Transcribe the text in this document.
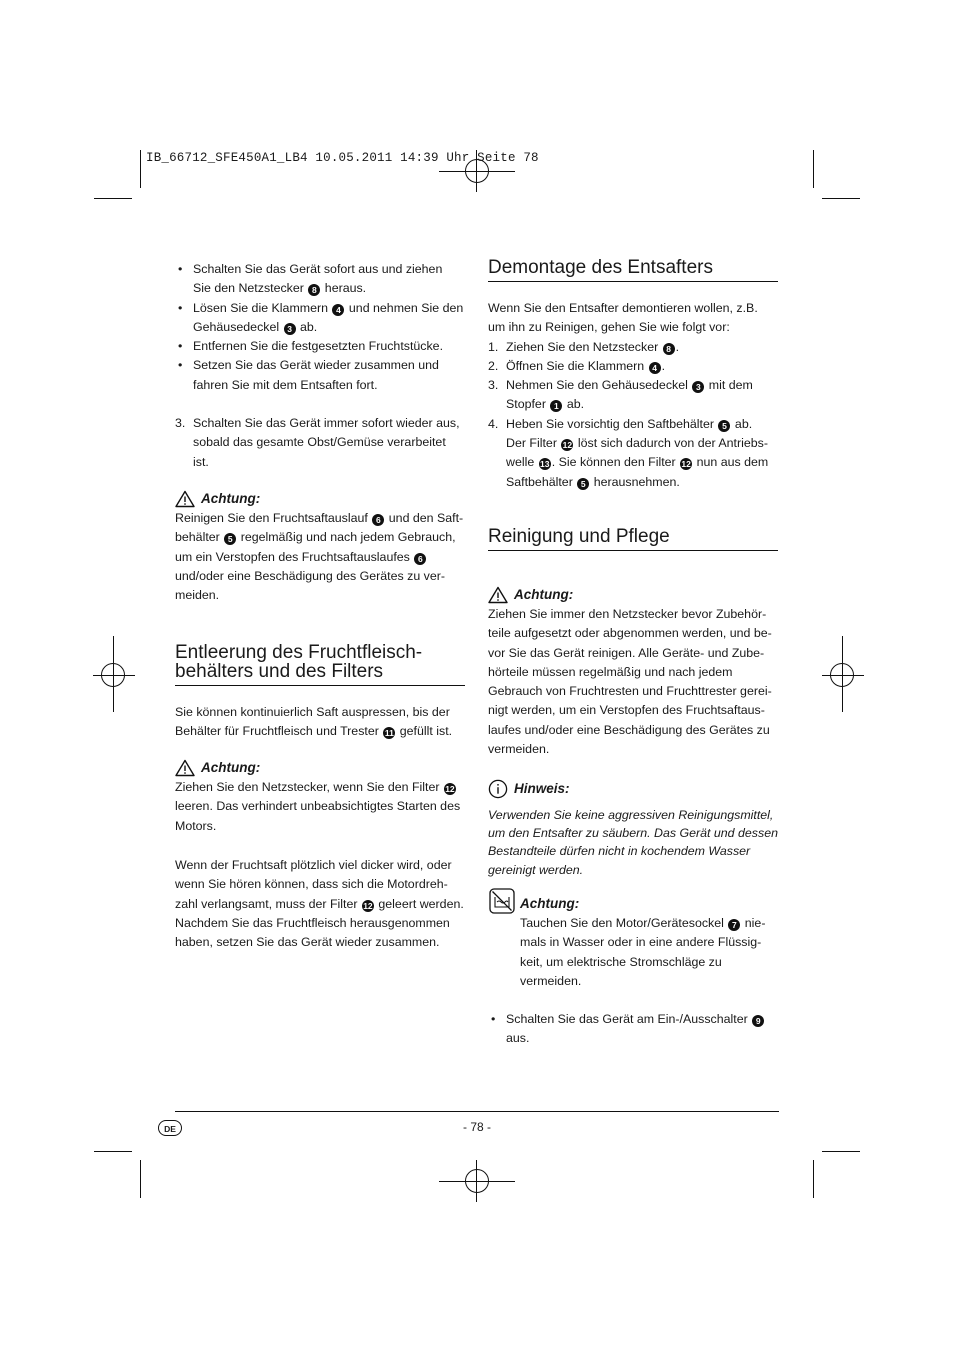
IB_66712_SFE450A1_LB4 10.05.2011 14:39 Uhr Seite 78
• Schalten Sie das Gerät sofort aus und ziehen
Sie den Netzstecker 8 heraus.
• Lösen Sie die Klammern 4 und nehmen Sie den
Gehäusedeckel 3 ab.
• Entfernen Sie die festgesetzten Fruchtstücke.
• Setzen Sie das Gerät wieder zusammen und
fahren Sie mit dem Entsaften fort.
3. Schalten Sie das Gerät immer sofort wieder aus,
sobald das gesamte Obst/Gemüse verarbeitet
ist.
Achtung:
Reinigen Sie den Fruchtsaftauslauf 6 und den Saft-
behälter 5 regelmäßig und nach jedem Gebrauch,
um ein Verstopfen des Fruchtsaftauslaufes 6
und/oder eine Beschädigung des Gerätes zu ver-
meiden.
Entleerung des Fruchtfleisch-
behälters und des Filters
Sie können kontinuierlich Saft auspressen, bis der
Behälter für Fruchtfleisch und Trester 11 gefüllt ist.
Achtung:
Ziehen Sie den Netzstecker, wenn Sie den Filter 12
leeren. Das verhindert unbeabsichtigtes Starten des
Motors.
Wenn der Fruchtsaft plötzlich viel dicker wird, oder
wenn Sie hören können, dass sich die Motordreh-
zahl verlangsamt, muss der Filter 12 geleert werden.
Nachdem Sie das Fruchtfleisch herausgenommen
haben, setzen Sie das Gerät wieder zusammen.
Demontage des Entsafters
Wenn Sie den Entsafter demontieren wollen, z.B.
um ihn zu Reinigen, gehen Sie wie folgt vor:
1. Ziehen Sie den Netzstecker 8 .
2. Öffnen Sie die Klammern 4 .
3. Nehmen Sie den Gehäusedeckel 3 mit dem
Stopfer 1 ab.
4. Heben Sie vorsichtig den Saftbehälter 5 ab.
Der Filter 12 löst sich dadurch von der Antriebs-
welle 13 . Sie können den Filter 12 nun aus dem
Saftbehälter 5 herausnehmen.
Reinigung und Pflege
Achtung:
Ziehen Sie immer den Netzstecker bevor Zubehör-
teile aufgesetzt oder abgenommen werden, und be-
vor Sie das Gerät reinigen. Alle Geräte- und Zube-
hörteile müssen regelmäßig und nach jedem
Gebrauch von Fruchtresten und Fruchttrester gerei-
nigt werden, um ein Verstopfen des Fruchtsaftaus-
laufes und/oder eine Beschädigung des Gerätes zu
vermeiden.
Hinweis:
Verwenden Sie keine aggressiven Reinigungsmittel,
um den Entsafter zu säubern. Das Gerät und dessen
Bestandteile dürfen nicht in kochendem Wasser
gereinigt werden.
Achtung:
Tauchen Sie den Motor/Gerätesockel 7 nie-
mals in Wasser oder in eine andere Flüssig-
keit, um elektrische Stromschläge zu
vermeiden.
• Schalten Sie das Gerät am Ein-/Ausschalter 9
aus.
DE	- 78 -
